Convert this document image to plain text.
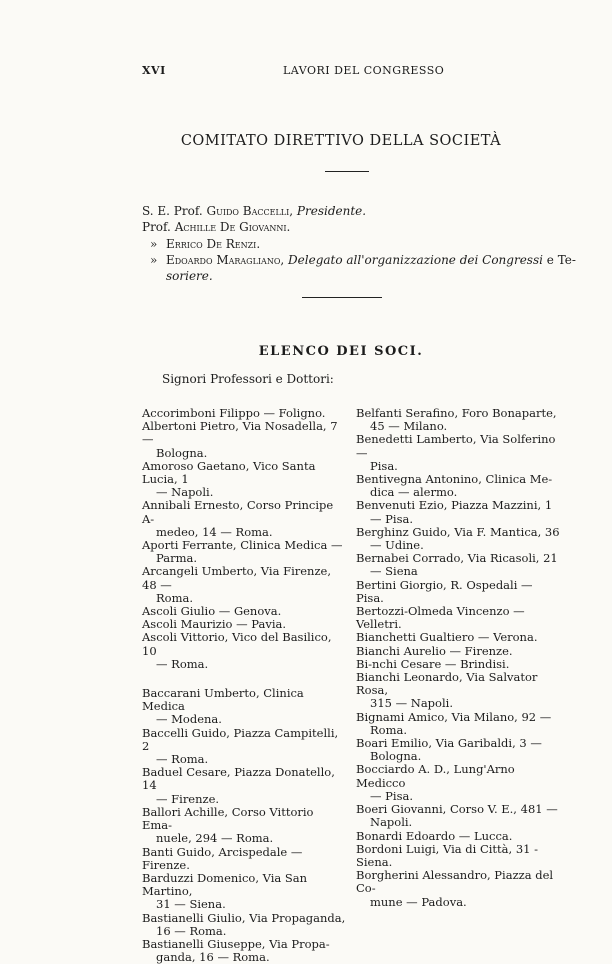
XVI	LAVORI DEL CONGRESSO
COMITATO DIRETTIVO DELLA SOCIETÀ
S. E. Prof. Guido Baccelli, Presidente.
Prof. Achille De Giovanni.
» Errico De Renzi.
» Edoardo Maragliano, Delegato all'organizzazione dei Congressi e Te-
soriere.
ELENCO DEI SOCI.
Signori Professori e Dottori:
Accorimboni Filippo — Foligno.
Albertoni Pietro, Via Nosadella, 7 —
Bologna.
Amoroso Gaetano, Vico Santa Lucia, 1
— Napoli.
Annibali Ernesto, Corso Principe A-
medeo, 14 — Roma.
Aporti Ferrante, Clinica Medica —
Parma.
Arcangeli Umberto, Via Firenze, 48 —
Roma.
Ascoli Giulio — Genova.
Ascoli Maurizio — Pavia.
Ascoli Vittorio, Vico del Basilico, 10
— Roma.
Baccarani Umberto, Clinica Medica
— Modena.
Baccelli Guido, Piazza Campitelli, 2
— Roma.
Baduel Cesare, Piazza Donatello, 14
— Firenze.
Ballori Achille, Corso Vittorio Ema-
nuele, 294 — Roma.
Banti Guido, Arcispedale — Firenze.
Barduzzi Domenico, Via San Martino,
31 — Siena.
Bastianelli Giulio, Via Propaganda,
16 — Roma.
Bastianelli Giuseppe, Via Propa-
ganda, 16 — Roma.
Belfanti Serafino, Foro Bonaparte,
45 — Milano.
Benedetti Lamberto, Via Solferino —
Pisa.
Bentivegna Antonino, Clinica Me-
dica — alermo.
Benvenuti Ezio, Piazza Mazzini, 1
— Pisa.
Berghinz Guido, Via F. Mantica, 36
— Udine.
Bernabei Corrado, Via Ricasoli, 21
— Siena
Bertini Giorgio, R. Ospedali — Pisa.
Bertozzi-Olmeda Vincenzo — Velletri.
Bianchetti Gualtiero — Verona.
Bianchi Aurelio — Firenze.
Bi-nchi Cesare — Brindisi.
Bianchi Leonardo, Via Salvator Rosa,
315 — Napoli.
Bignami Amico, Via Milano, 92 —
Roma.
Boari Emilio, Via Garibaldi, 3 —
Bologna.
Bocciardo A. D., Lung'Arno Medicco
— Pisa.
Boeri Giovanni, Corso V. E., 481 —
Napoli.
Bonardi Edoardo — Lucca.
Bordoni Luigi, Via di Città, 31 - Siena.
Borgherini Alessandro, Piazza del Co-
mune — Padova.
